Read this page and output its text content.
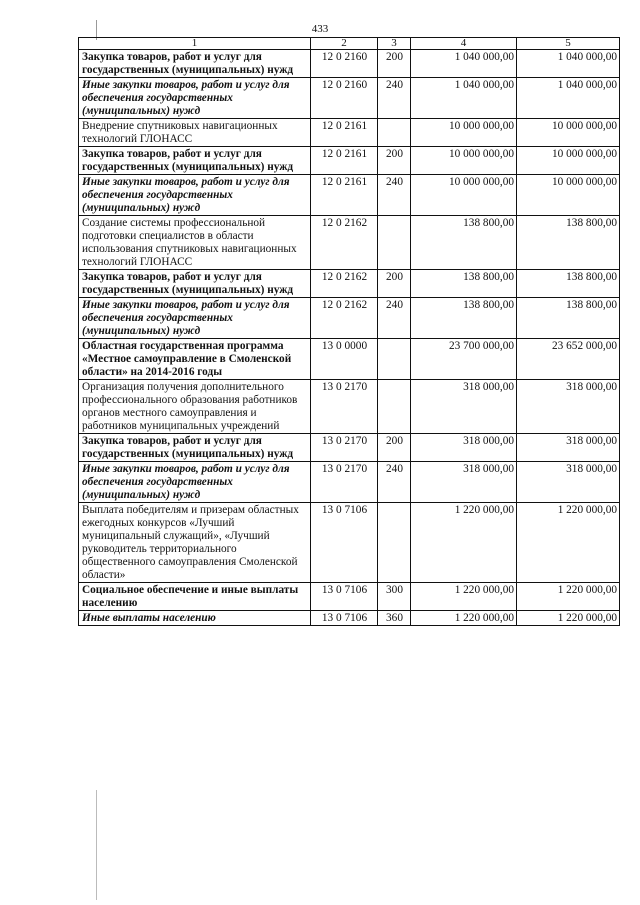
433
1	2	3	4	5
Закупка товаров, работ и услуг для государственных (муниципальных) нужд	12 0 2160	200	1 040 000,00	1 040 000,00
Иные закупки товаров, работ и услуг для обеспечения государственных (муниципальных) нужд	12 0 2160	240	1 040 000,00	1 040 000,00
Внедрение спутниковых навигационных технологий ГЛОНАСС	12 0 2161		10 000 000,00	10 000 000,00
Закупка товаров, работ и услуг для государственных (муниципальных) нужд	12 0 2161	200	10 000 000,00	10 000 000,00
Иные закупки товаров, работ и услуг для обеспечения государственных (муниципальных) нужд	12 0 2161	240	10 000 000,00	10 000 000,00
Создание системы профессиональной подготовки специалистов в области использования спутниковых навигационных технологий ГЛОНАСС	12 0 2162		138 800,00	138 800,00
Закупка товаров, работ и услуг для государственных (муниципальных) нужд	12 0 2162	200	138 800,00	138 800,00
Иные закупки товаров, работ и услуг для обеспечения государственных (муниципальных) нужд	12 0 2162	240	138 800,00	138 800,00
Областная государственная программа «Местное самоуправление в Смоленской области» на 2014-2016 годы	13 0 0000		23 700 000,00	23 652 000,00
Организация получения дополнительного профессионального образования работников органов местного самоуправления и работников муниципальных учреждений	13 0 2170		318 000,00	318 000,00
Закупка товаров, работ и услуг для государственных (муниципальных) нужд	13 0 2170	200	318 000,00	318 000,00
Иные закупки товаров, работ и услуг для обеспечения государственных (муниципальных) нужд	13 0 2170	240	318 000,00	318 000,00
Выплата победителям и призерам областных ежегодных конкурсов «Лучший муниципальный служащий», «Лучший руководитель территориального общественного самоуправления Смоленской области»	13 0 7106		1 220 000,00	1 220 000,00
Социальное обеспечение и иные выплаты населению	13 0 7106	300	1 220 000,00	1 220 000,00
Иные выплаты населению	13 0 7106	360	1 220 000,00	1 220 000,00
